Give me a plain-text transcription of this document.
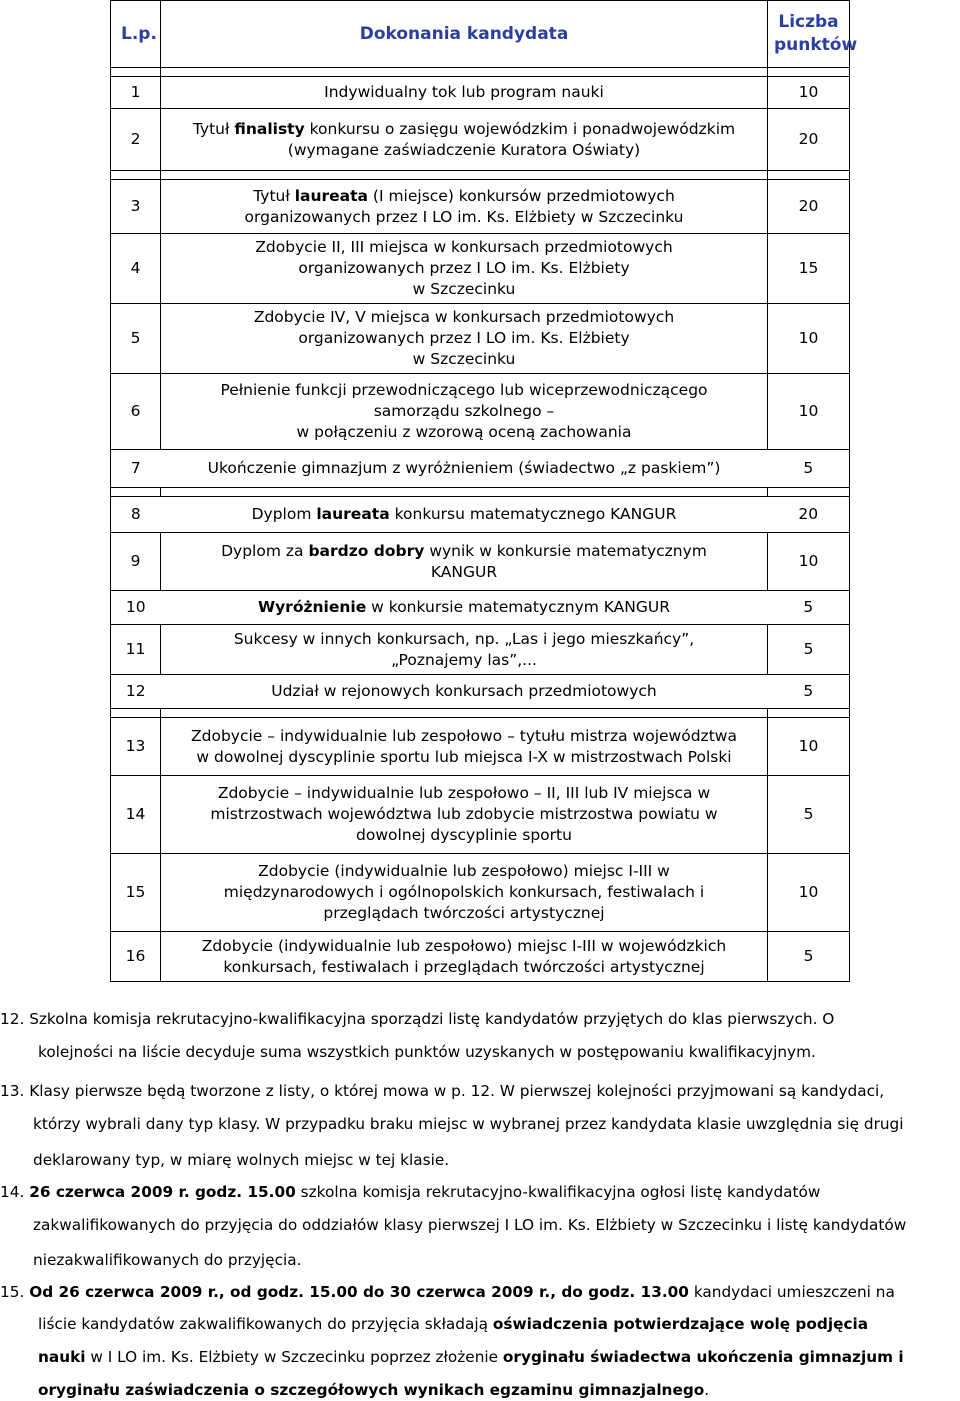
L.p.	Dokonania kandydata	Liczba
punktów

1	Indywidualny tok lub program nauki	10
2	Tytuł finalisty konkursu o zasięgu wojewódzkim i ponadwojewódzkim
(wymagane zaświadczenie Kuratora Oświaty)	20

3	Tytuł laureata (I miejsce) konkursów przedmiotowych
organizowanych przez I LO im. Ks. Elżbiety w Szczecinku	20
4	Zdobycie II, III miejsca w konkursach przedmiotowych
organizowanych przez I LO im. Ks. Elżbiety
w Szczecinku	15
5	Zdobycie IV, V miejsca w konkursach przedmiotowych
organizowanych przez I LO im. Ks. Elżbiety
w Szczecinku	10
6	Pełnienie funkcji przewodniczącego lub wiceprzewodniczącego
samorządu szkolnego –
w połączeniu z wzorową oceną zachowania	10
7	Ukończenie gimnazjum z wyróżnieniem (świadectwo „z paskiem”)	5

8	Dyplom laureata konkursu matematycznego KANGUR	20
9	Dyplom za bardzo dobry wynik w konkursie matematycznym
KANGUR	10
10	Wyróżnienie w konkursie matematycznym KANGUR	5
11	Sukcesy w innych konkursach, np. „Las i jego mieszkańcy”,
„Poznajemy las”,...	5
12	Udział w rejonowych konkursach przedmiotowych	5

13	Zdobycie – indywidualnie lub zespołowo – tytułu mistrza województwa
w dowolnej dyscyplinie sportu lub miejsca I-X w mistrzostwach Polski	10
14	Zdobycie – indywidualnie lub zespołowo – II, III lub IV miejsca w
mistrzostwach województwa lub zdobycie mistrzostwa powiatu w
dowolnej dyscyplinie sportu	5
15	Zdobycie (indywidualnie lub zespołowo) miejsc I-III w
międzynarodowych i ogólnopolskich konkursach, festiwalach i
przeglądach twórczości artystycznej	10
16	Zdobycie (indywidualnie lub zespołowo) miejsc I-III w wojewódzkich
konkursach, festiwalach i przeglądach twórczości artystycznej	5

12. Szkolna komisja rekrutacyjno-kwalifikacyjna sporządzi listę kandydatów przyjętych do klas pierwszych. O

kolejności na liście decyduje suma wszystkich punktów uzyskanych w postępowaniu kwalifikacyjnym.

13. Klasy pierwsze będą tworzone z listy, o której mowa w p. 12. W pierwszej kolejności przyjmowani są kandydaci,

którzy wybrali dany typ klasy. W przypadku braku miejsc w wybranej przez kandydata klasie uwzględnia się drugi

deklarowany typ, w miarę wolnych miejsc w tej klasie.

14. 26 czerwca 2009 r. godz. 15.00 szkolna komisja rekrutacyjno-kwalifikacyjna ogłosi listę kandydatów

zakwalifikowanych do przyjęcia do oddziałów klasy pierwszej I LO im. Ks. Elżbiety w Szczecinku i listę kandydatów

niezakwalifikowanych do przyjęcia.

15. Od 26 czerwca 2009 r., od godz. 15.00 do 30 czerwca 2009 r., do godz. 13.00 kandydaci umieszczeni na

liście kandydatów zakwalifikowanych do przyjęcia składają oświadczenia potwierdzające wolę podjęcia

nauki w I LO im. Ks. Elżbiety w Szczecinku poprzez złożenie oryginału świadectwa ukończenia gimnazjum i

oryginału zaświadczenia o szczegółowych wynikach egzaminu gimnazjalnego.
